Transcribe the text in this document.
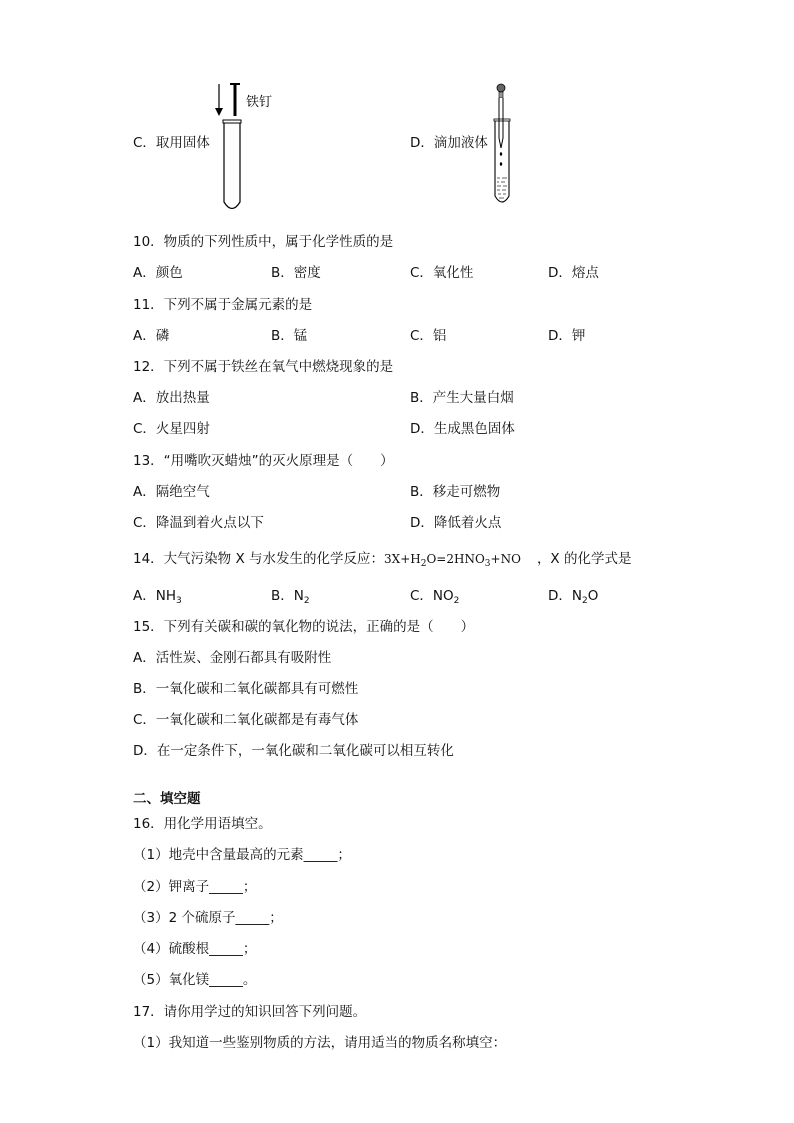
C．取用固体
铁钉
D．滴加液体
10．物质的下列性质中，属于化学性质的是
A．颜色	B．密度	C．氧化性	D．熔点
11．下列不属于金属元素的是
A．磷	B．锰	C．铝	D．钾
12．下列不属于铁丝在氧气中燃烧现象的是
A．放出热量	B．产生大量白烟
C．火星四射	D．生成黑色固体
13．“用嘴吹灭蜡烛”的灭火原理是（　　）
A．隔绝空气	B．移走可燃物
C．降温到着火点以下	D．降低着火点
14．大气污染物 X 与水发生的化学反应：$3X+H_2O=2HNO_3+NO$ ，X 的化学式是
A．$NH_3$	B．$N_2$	C．$NO_2$	D．$N_2O$
15．下列有关碳和碳的氧化物的说法，正确的是（　　）
A．活性炭、金刚石都具有吸附性
B．一氧化碳和二氧化碳都具有可燃性
C．一氧化碳和二氧化碳都是有毒气体
D．在一定条件下，一氧化碳和二氧化碳可以相互转化
二、填空题
16．用化学用语填空。
（1）地壳中含量最高的元素_____；
（2）钾离子_____；
（3）2 个硫原子_____；
（4）硫酸根_____；
（5）氧化镁_____。
17．请你用学过的知识回答下列问题。
（1）我知道一些鉴别物质的方法，请用适当的物质名称填空：
